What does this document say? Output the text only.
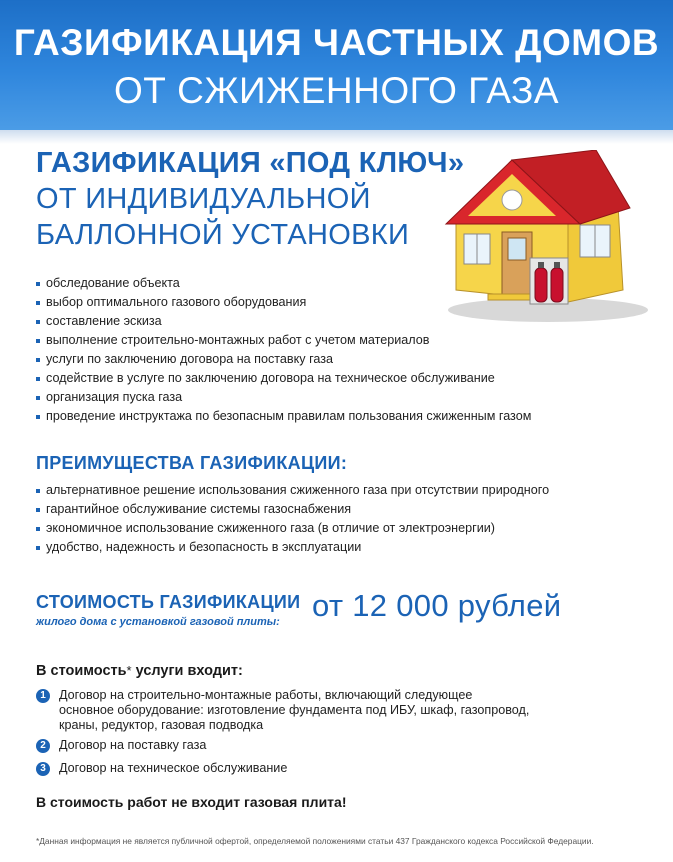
ГАЗИФИКАЦИЯ ЧАСТНЫХ ДОМОВ
ОТ СЖИЖЕННОГО ГАЗА
ГАЗИФИКАЦИЯ «ПОД КЛЮЧ»
ОТ ИНДИВИДУАЛЬНОЙ
БАЛЛОННОЙ УСТАНОВКИ
обследование объекта
выбор оптимального газового оборудования
составление эскиза
выполнение строительно-монтажных работ с учетом материалов
услуги по заключению договора на поставку газа
содействие в услуге по заключению договора на техническое обслуживание
организация пуска газа
проведение инструктажа по безопасным правилам пользования сжиженным газом
ПРЕИМУЩЕСТВА ГАЗИФИКАЦИИ:
альтернативное решение использования сжиженного газа при отсутствии природного
гарантийное обслуживание системы газоснабжения
экономичное использование сжиженного газа (в отличие от электроэнергии)
удобство, надежность и безопасность в эксплуатации
СТОИМОСТЬ ГАЗИФИКАЦИИ
жилого дома с установкой газовой плиты: от 12 000 рублей
В стоимость* услуги входит:
1	Договор на строительно-монтажные работы, включающий следующее
основное оборудование: изготовление фундамента под ИБУ, шкаф, газопровод,
краны, редуктор, газовая подводка
2	Договор на поставку газа
3	Договор на техническое обслуживание
В стоимость работ не входит газовая плита!
*Данная информация не является публичной офертой, определяемой положениями статьи 437 Гражданского кодекса Российской Федерации.
